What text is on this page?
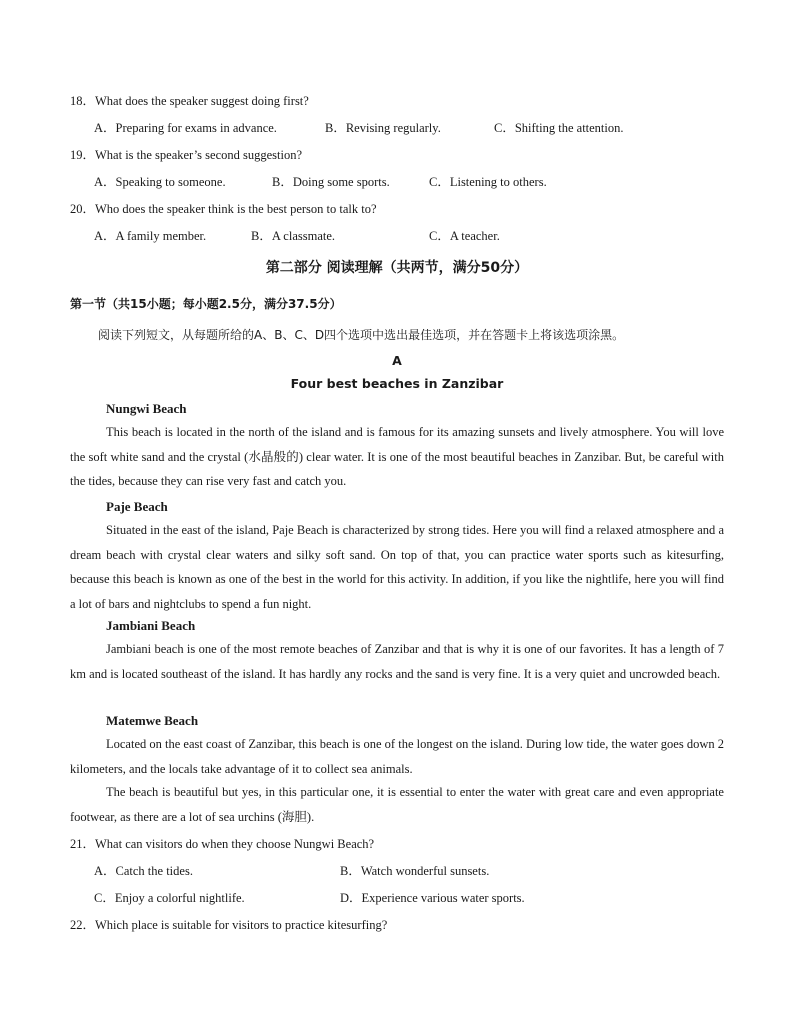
18．What does the speaker suggest doing first?
A．Preparing for exams in advance.	B．Revising regularly.	C．Shifting the attention.
19．What is the speaker’s second suggestion?
A．Speaking to someone.	B．Doing some sports.	C．Listening to others.
20．Who does the speaker think is the best person to talk to?
A．A family member.	B．A classmate.	C．A teacher.
第二部分 阅读理解（共两节，满分50分）
第一节（共15小题；每小题2.5分，满分37.5分）
阅读下列短文，从每题所给的A、B、C、D四个选项中选出最佳选项，并在答题卡上将该选项涂黑。
A
Four best beaches in Zanzibar
Nungwi Beach
This beach is located in the north of the island and is famous for its amazing sunsets and lively atmosphere. You will love the soft white sand and the crystal (水晶般的) clear water. It is one of the most beautiful beaches in Zanzibar. But, be careful with the tides, because they can rise very fast and catch you.
Paje Beach
Situated in the east of the island, Paje Beach is characterized by strong tides. Here you will find a relaxed atmosphere and a dream beach with crystal clear waters and silky soft sand. On top of that, you can practice water sports such as kitesurfing, because this beach is known as one of the best in the world for this activity. In addition, if you like the nightlife, here you will find a lot of bars and nightclubs to spend a fun night.
Jambiani Beach
Jambiani beach is one of the most remote beaches of Zanzibar and that is why it is one of our favorites. It has a length of 7 km and is located southeast of the island. It has hardly any rocks and the sand is very fine. It is a very quiet and uncrowded beach.
Matemwe Beach
Located on the east coast of Zanzibar, this beach is one of the longest on the island. During low tide, the water goes down 2 kilometers, and the locals take advantage of it to collect sea animals.
The beach is beautiful but yes, in this particular one, it is essential to enter the water with great care and even appropriate footwear, as there are a lot of sea urchins (海胆).
21．What can visitors do when they choose Nungwi Beach?
A．Catch the tides.	B．Watch wonderful sunsets.
C．Enjoy a colorful nightlife.	D．Experience various water sports.
22．Which place is suitable for visitors to practice kitesurfing?
